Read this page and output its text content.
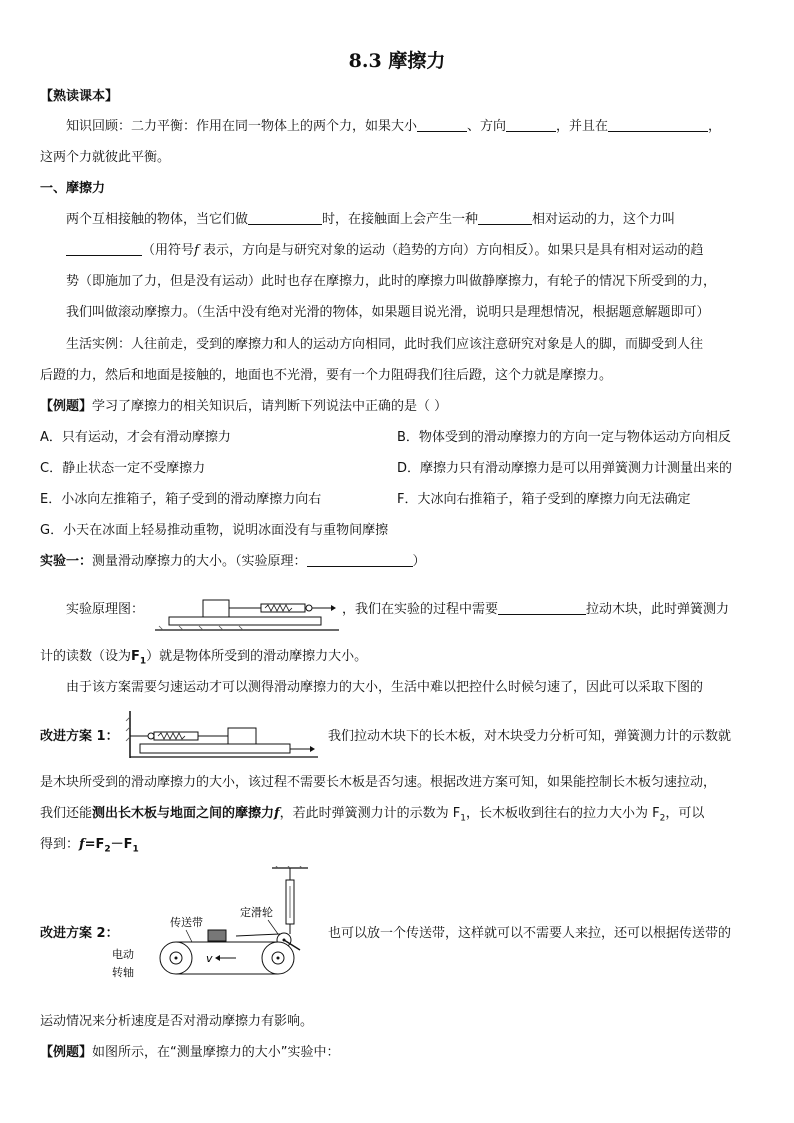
8.3 摩擦力
【熟读课本】
知识回顾：二力平衡：作用在同一物体上的两个力，如果大小	、方向	，并且在	，
这两个力就彼此平衡。
一、摩擦力
两个互相接触的物体，当它们做	时，在接触面上会产生一种	相对运动的力，这个力叫
（用符号f 表示，方向是与研究对象的运动（趋势的方向）方向相反）。如果只是具有相对运动的趋
势（即施加了力，但是没有运动）此时也存在摩擦力，此时的摩擦力叫做静摩擦力，有轮子的情况下所受到的力，
我们叫做滚动摩擦力。（生活中没有绝对光滑的物体，如果题目说光滑，说明只是理想情况，根据题意解题即可）
生活实例：人往前走，受到的摩擦力和人的运动方向相同，此时我们应该注意研究对象是人的脚，而脚受到人往
后蹬的力，然后和地面是接触的，地面也不光滑，要有一个力阻碍我们往后蹬，这个力就是摩擦力。
【例题】学习了摩擦力的相关知识后，请判断下列说法中正确的是（ ）
A．只有运动，才会有滑动摩擦力	B．物体受到的滑动摩擦力的方向一定与物体运动方向相反
C．静止状态一定不受摩擦力	D．摩擦力只有滑动摩擦力是可以用弹簧测力计测量出来的
E．小冰向左推箱子，箱子受到的滑动摩擦力向右	F．大冰向右推箱子，箱子受到的摩擦力向无法确定
G．小天在冰面上轻易推动重物，说明冰面没有与重物间摩擦
实验一：测量滑动摩擦力的大小。（实验原理：	）
实验原理图：	，我们在实验的过程中需要	拉动木块，此时弹簧测力
计的读数（设为$F_1$）就是物体所受到的滑动摩擦力大小。
由于该方案需要匀速运动才可以测得滑动摩擦力的大小，生活中难以把控什么时候匀速了，因此可以采取下图的
改进方案 1：	我们拉动木块下的长木板，对木块受力分析可知，弹簧测力计的示数就
是木块所受到的滑动摩擦力的大小，该过程不需要长木板是否匀速。根据改进方案可知，如果能控制长木板匀速拉动，
我们还能测出长木板与地面之间的摩擦力f，若此时弹簧测力计的示数为 $F_1$，长木板收到往右的拉力大小为 $F_2$，可以
得到：$f=F_2-F_1$
v
传送带
定滑轮
电动
转轴
改进方案 2：	也可以放一个传送带，这样就可以不需要人来拉，还可以根据传送带的
运动情况来分析速度是否对滑动摩擦力有影响。
【例题】如图所示，在“测量摩擦力的大小”实验中：
